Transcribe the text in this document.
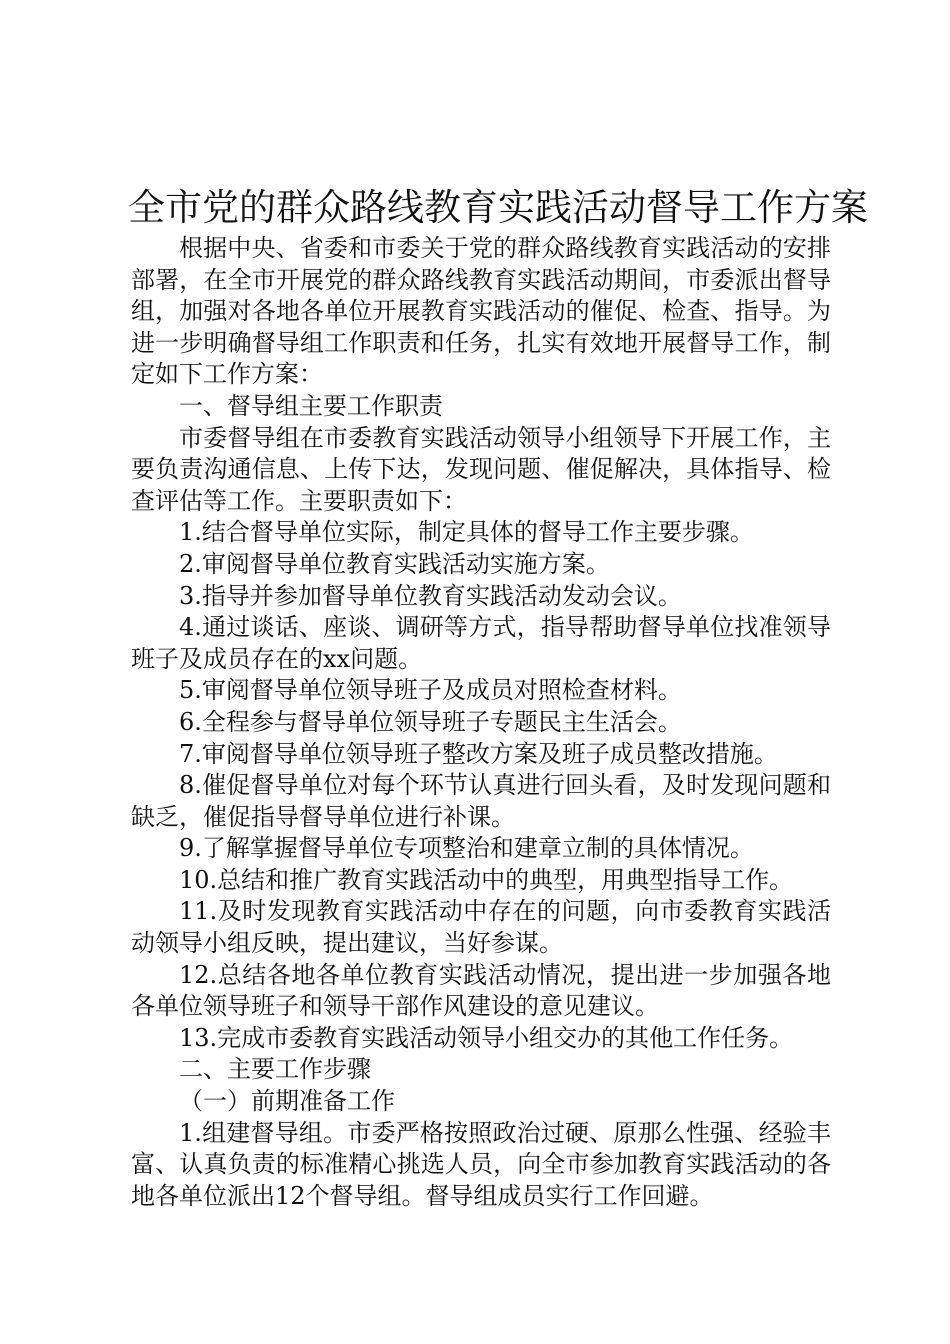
全市党的群众路线教育实践活动督导工作方案

根据中央、省委和市委关于党的群众路线教育实践活动的安排部署，在全市开展党的群众路线教育实践活动期间，市委派出督导组，加强对各地各单位开展教育实践活动的催促、检查、指导。为进一步明确督导组工作职责和任务，扎实有效地开展督导工作，制定如下工作方案：

一、督导组主要工作职责

市委督导组在市委教育实践活动领导小组领导下开展工作，主要负责沟通信息、上传下达，发现问题、催促解决，具体指导、检查评估等工作。主要职责如下：

1.结合督导单位实际，制定具体的督导工作主要步骤。

2.审阅督导单位教育实践活动实施方案。

3.指导并参加督导单位教育实践活动发动会议。

4.通过谈话、座谈、调研等方式，指导帮助督导单位找准领导班子及成员存在的xx问题。

5.审阅督导单位领导班子及成员对照检查材料。

6.全程参与督导单位领导班子专题民主生活会。

7.审阅督导单位领导班子整改方案及班子成员整改措施。

8.催促督导单位对每个环节认真进行回头看，及时发现问题和缺乏，催促指导督导单位进行补课。

9.了解掌握督导单位专项整治和建章立制的具体情况。

10.总结和推广教育实践活动中的典型，用典型指导工作。

11.及时发现教育实践活动中存在的问题，向市委教育实践活动领导小组反映，提出建议，当好参谋。

12.总结各地各单位教育实践活动情况，提出进一步加强各地各单位领导班子和领导干部作风建设的意见建议。

13.完成市委教育实践活动领导小组交办的其他工作任务。

二、主要工作步骤

（一）前期准备工作

1.组建督导组。市委严格按照政治过硬、原那么性强、经验丰富、认真负责的标准精心挑选人员，向全市参加教育实践活动的各地各单位派出12个督导组。督导组成员实行工作回避。
